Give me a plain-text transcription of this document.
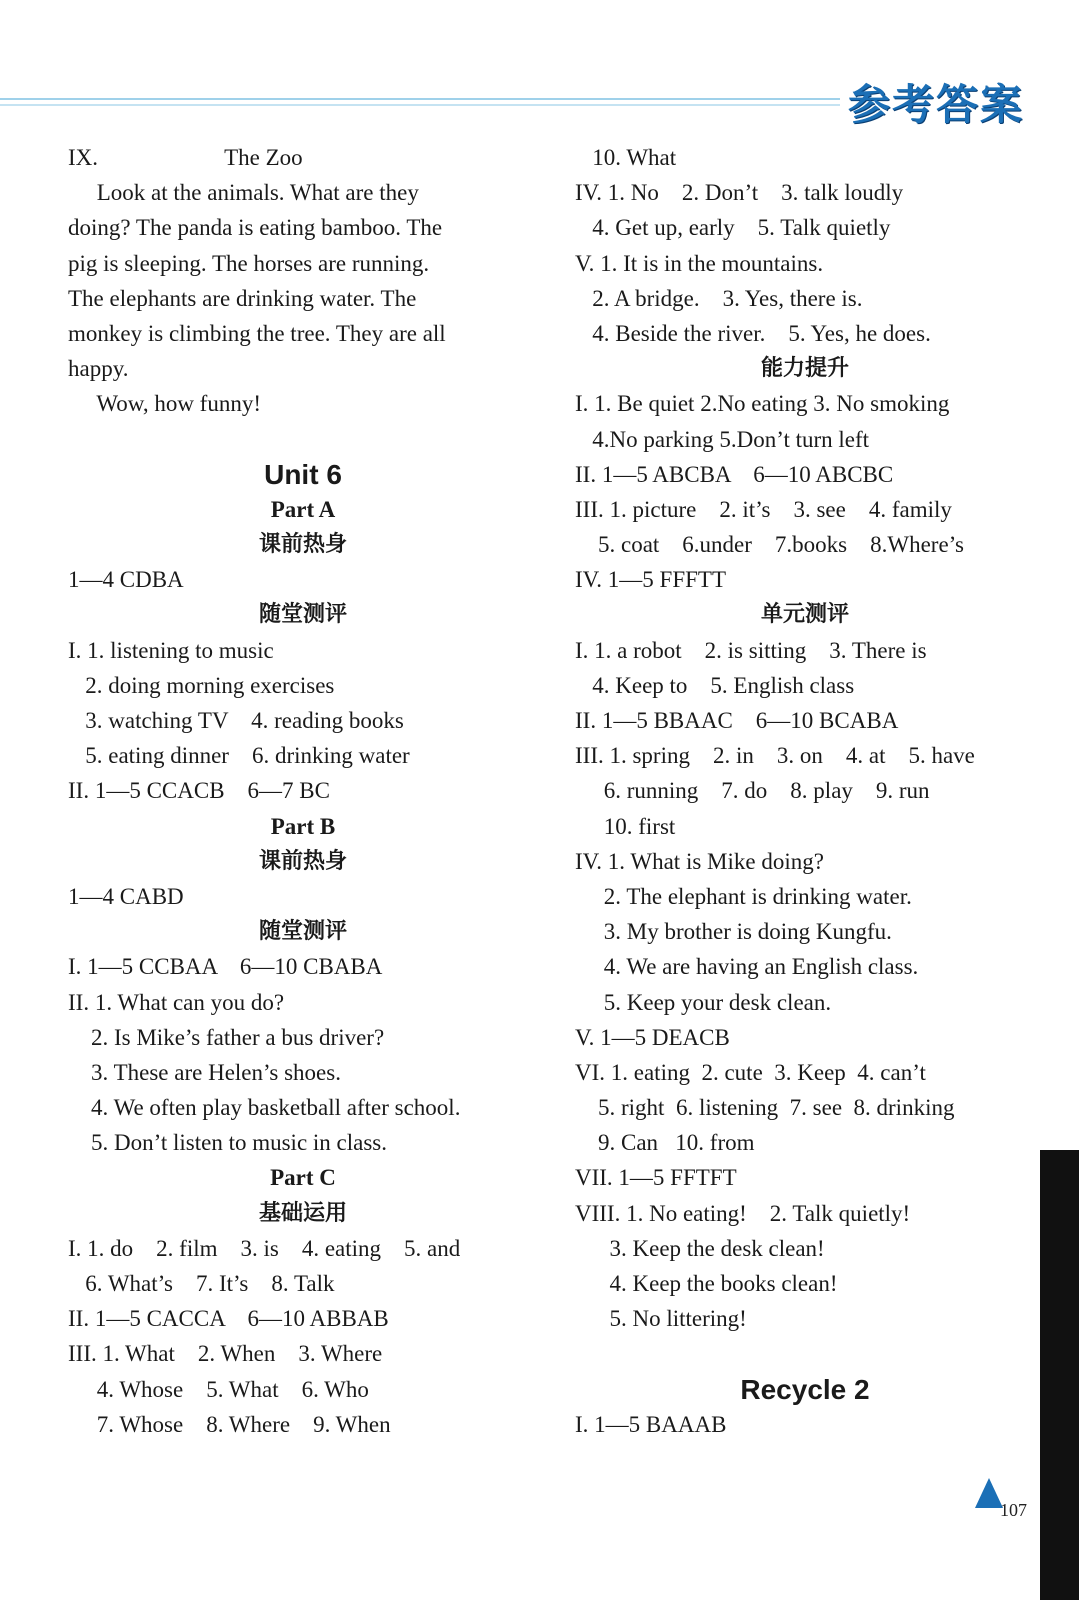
参考答案
IX.                      The Zoo
Look at the animals. What are they
doing? The panda is eating bamboo. The
pig is sleeping. The horses are running.
The elephants are drinking water. The
monkey is climbing the tree. They are all
happy.
Wow, how funny!
Unit 6
Part A
课前热身
1—4 CDBA
随堂测评
I. 1. listening to music
2. doing morning exercises
3. watching TV    4. reading books
5. eating dinner    6. drinking water
II. 1—5 CCACB    6—7 BC
Part B
课前热身
1—4 CABD
随堂测评
I. 1—5 CCBAA    6—10 CBABA
II. 1. What can you do?
2. Is Mike’s father a bus driver?
3. These are Helen’s shoes.
4. We often play basketball after school.
5. Don’t listen to music in class.
Part C
基础运用
I. 1. do    2. film    3. is    4. eating    5. and
6. What’s    7. It’s    8. Talk
II. 1—5 CACCA    6—10 ABBAB
III. 1. What    2. When    3. Where
4. Whose    5. What    6. Who
7. Whose    8. Where    9. When
10. What
IV. 1. No    2. Don’t    3. talk loudly
4. Get up, early    5. Talk quietly
V. 1. It is in the mountains.
2. A bridge.    3. Yes, there is.
4. Beside the river.    5. Yes, he does.
能力提升
I. 1. Be quiet 2.No eating 3. No smoking
4.No parking 5.Don’t turn left
II. 1—5 ABCBA    6—10 ABCBC
III. 1. picture    2. it’s    3. see    4. family
5. coat    6.under    7.books    8.Where’s
IV. 1—5 FFFTT
单元测评
I. 1. a robot    2. is sitting    3. There is
4. Keep to    5. English class
II. 1—5 BBAAC    6—10 BCABA
III. 1. spring    2. in    3. on    4. at    5. have
6. running    7. do    8. play    9. run
10. first
IV. 1. What is Mike doing?
2. The elephant is drinking water.
3. My brother is doing Kungfu.
4. We are having an English class.
5. Keep your desk clean.
V. 1—5 DEACB
VI. 1. eating  2. cute  3. Keep  4. can’t
5. right  6. listening  7. see  8. drinking
9. Can   10. from
VII. 1—5 FFTFT
VIII. 1. No eating!    2. Talk quietly!
3. Keep the desk clean!
4. Keep the books clean!
5. No littering!
Recycle 2
I. 1—5 BAAAB
107
